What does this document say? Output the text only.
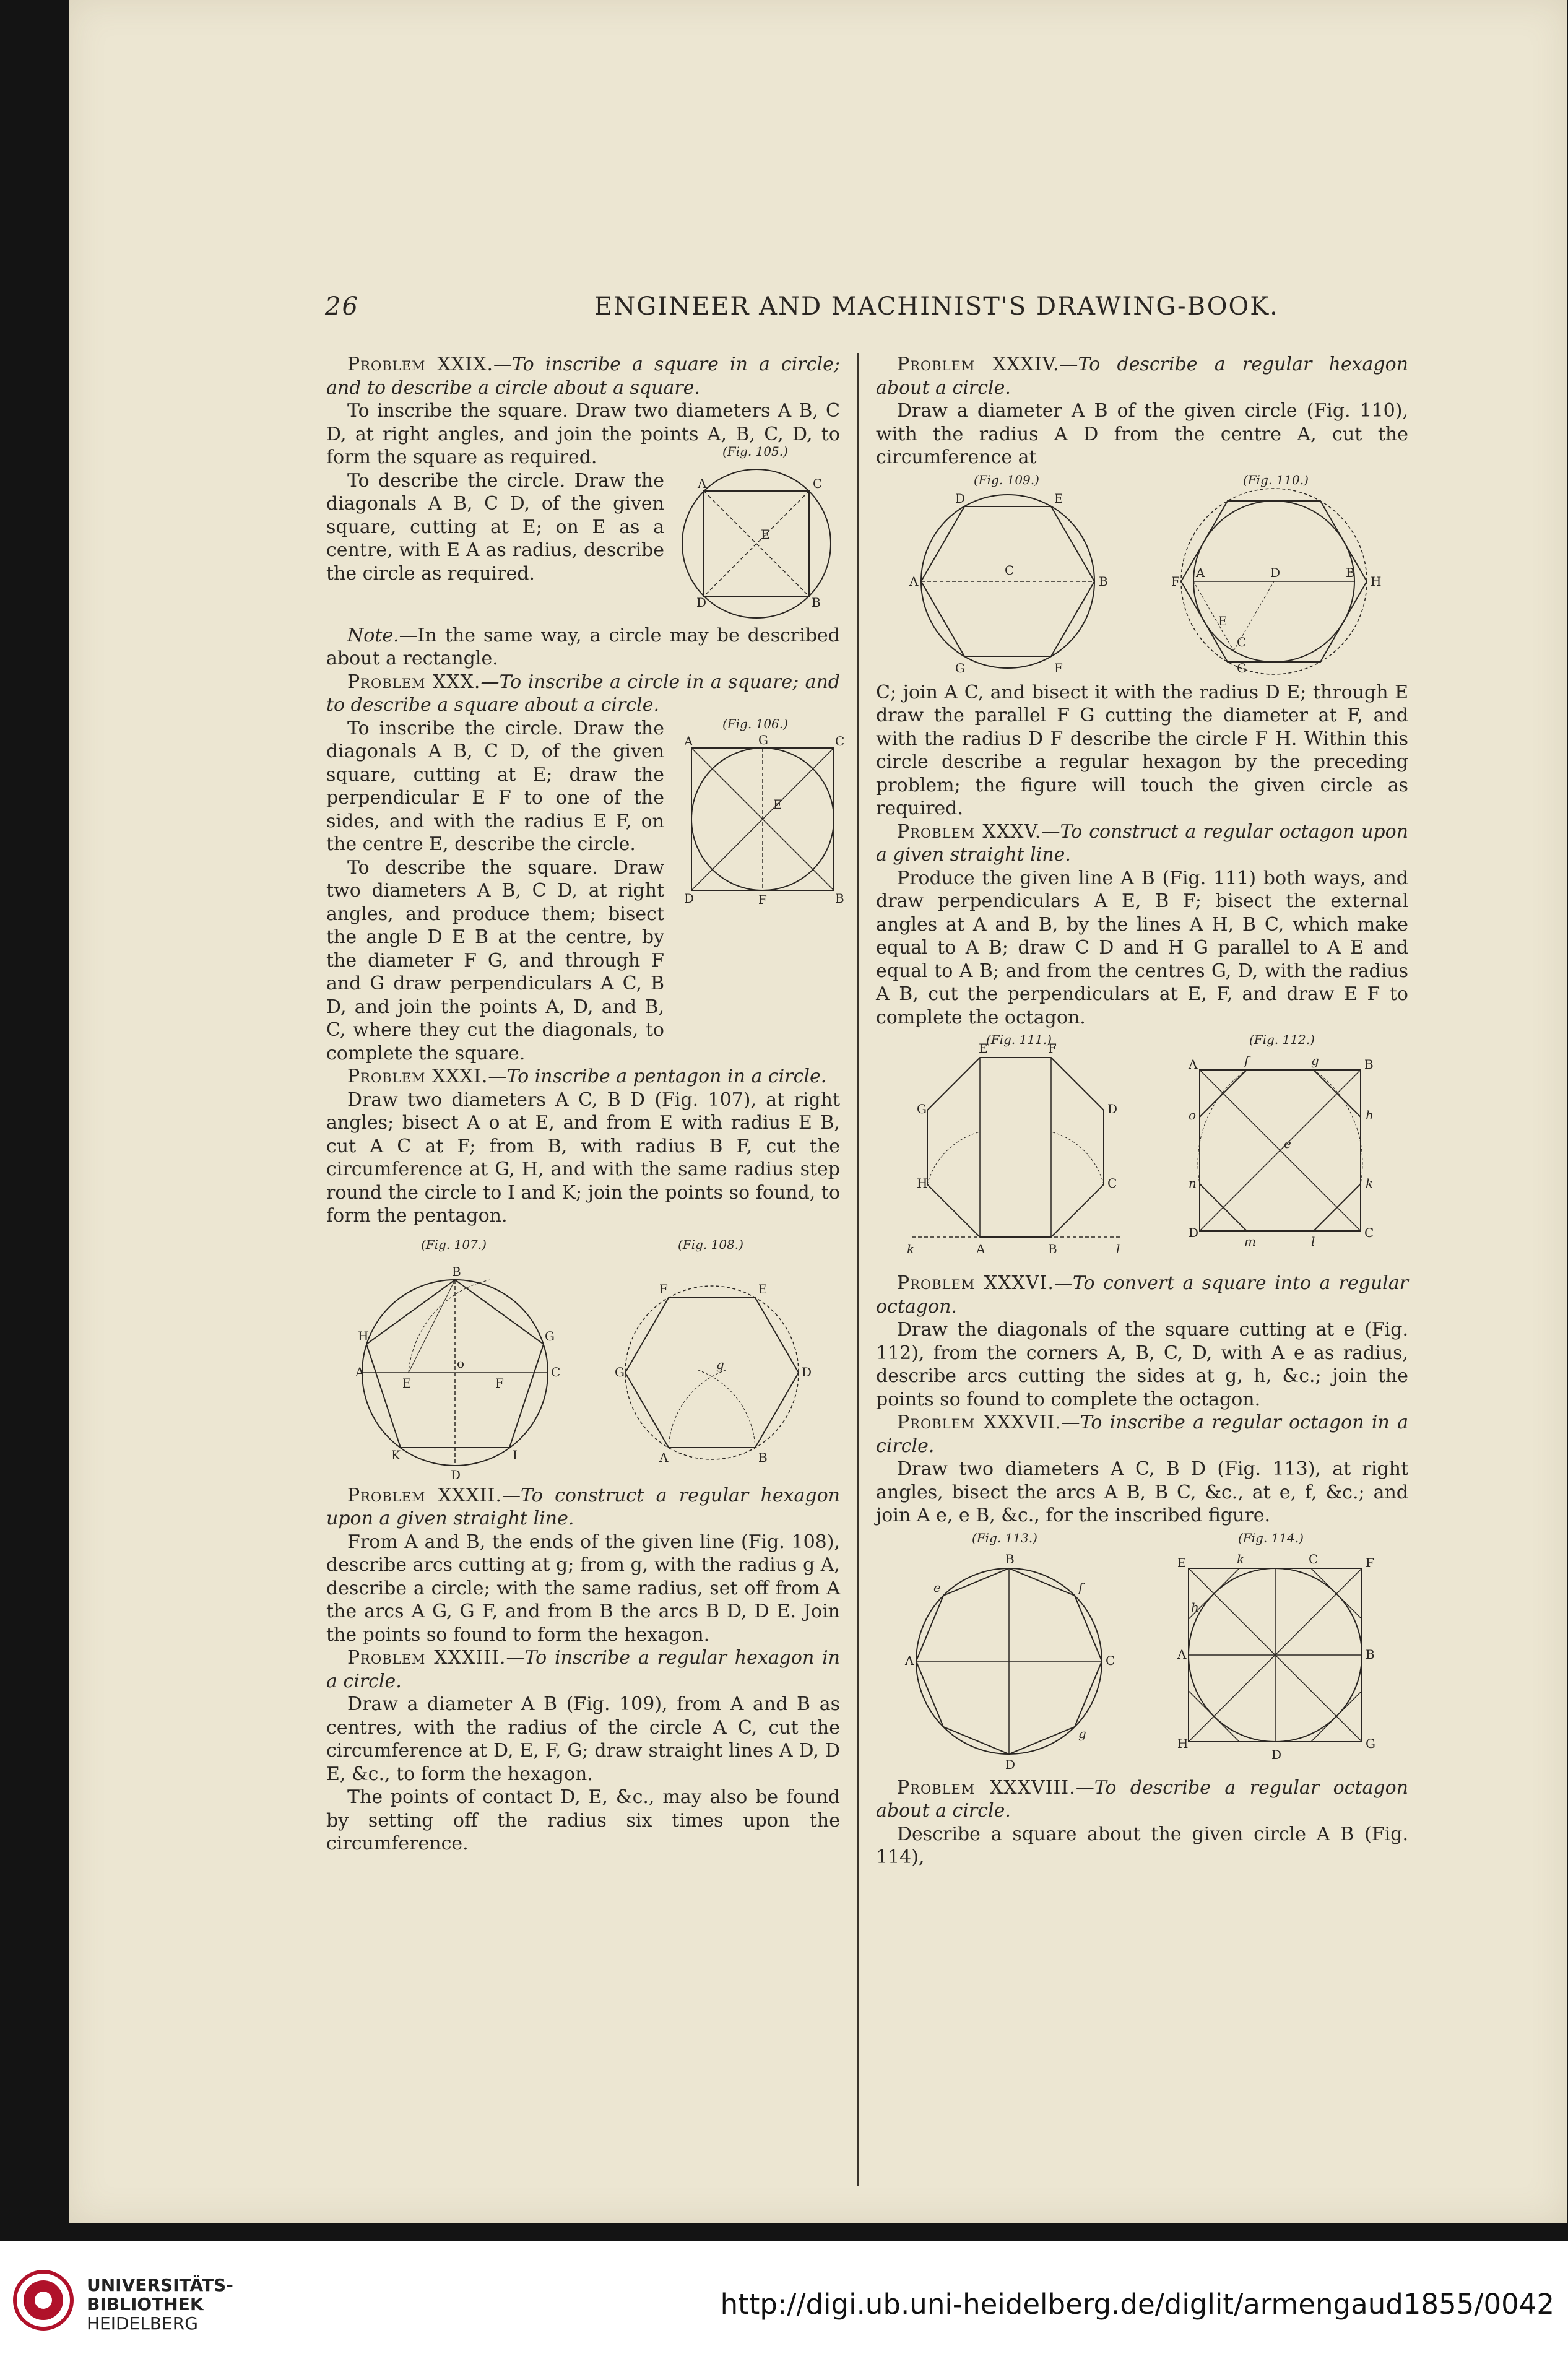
26	ENGINEER AND MACHINIST'S DRAWING-BOOK.

Problem XXIX.—To inscribe a square in a circle; and to describe a circle about a square.

To inscribe the square. Draw two diameters A B, C D, at right angles, and join the points A, B, C, D, to form the square as required.

To describe the circle. Draw the diagonals A B, C D, of the given square, cutting at E; on E as a centre, with E A as radius, describe the circle as required.

(Fig. 105.)
A	C
D	B
E

Note.—In the same way, a circle may be described about a rectangle.

Problem XXX.—To inscribe a circle in a square; and to describe a square about a circle.

To inscribe the circle. Draw the diagonals A B, C D, of the given square, cutting at E; draw the perpendicular E F to one of the sides, and with the radius E F, on the centre E, describe the circle.

To describe the square. Draw two diameters A B, C D, at right angles, and produce them; bisect the angle D E B at the centre, by the diameter F G, and through F and G draw perpendiculars A C, B D, and join the points A, D, and B, C, where they cut the diagonals, to complete the square.

(Fig. 106.)
A	G	C
D	F	B
E

Problem XXXI.—To inscribe a pentagon in a circle.

Draw two diameters A C, B D (Fig. 107), at right angles; bisect A o at E, and from E with radius E B, cut A C at F; from B, with radius B F, cut the circumference at G, H, and with the same radius step round the circle to I and K; join the points so found, to form the pentagon.

(Fig. 107.)
B
A	C
H	G
E	F
o
K	I
D
(Fig. 108.)
F	E
G	D
A	B
g

Problem XXXII.—To construct a regular hexagon upon a given straight line.

From A and B, the ends of the given line (Fig. 108), describe arcs cutting at g; from g, with the radius g A, describe a circle; with the same radius, set off from A the arcs A G, G F, and from B the arcs B D, D E. Join the points so found to form the hexagon.

Problem XXXIII.—To inscribe a regular hexagon in a circle.

Draw a diameter A B (Fig. 109), from A and B as centres, with the radius of the circle A C, cut the circumference at D, E, F, G; draw straight lines A D, D E, &c., to form the hexagon.

The points of contact D, E, &c., may also be found by setting off the radius six times upon the circumference.

Problem XXXIV.—To describe a regular hexagon about a circle.

Draw a diameter A B of the given circle (Fig. 110), with the radius A D from the centre A, cut the circumference at

(Fig. 109.)
D	E
A	B
C
G	F
(Fig. 110.)
F	H
A	D	B
C
E
G

C; join A C, and bisect it with the radius D E; through E draw the parallel F G cutting the diameter at F, and with the radius D F describe the circle F H. Within this circle describe a regular hexagon by the preceding problem; the figure will touch the given circle as required.

Problem XXXV.—To construct a regular octagon upon a given straight line.

Produce the given line A B (Fig. 111) both ways, and draw perpendiculars A E, B F; bisect the external angles at A and B, by the lines A H, B C, which make equal to A B; draw C D and H G parallel to A E and equal to A B; and from the centres G, D, with the radius A B, cut the perpendiculars at E, F, and draw E F to complete the octagon.

(Fig. 111.)
E	F
G	D
H	C
k	A	B	l
(Fig. 112.)
A	B
D	C
f	g
o	h
n	k
e
m	l

Problem XXXVI.—To convert a square into a regular octagon.

Draw the diagonals of the square cutting at e (Fig. 112), from the corners A, B, C, D, with A e as radius, describe arcs cutting the sides at g, h, &c.; join the points so found to complete the octagon.

Problem XXXVII.—To inscribe a regular octagon in a circle.

Draw two diameters A C, B D (Fig. 113), at right angles, bisect the arcs A B, B C, &c., at e, f, &c.; and join A e, e B, &c., for the inscribed figure.

(Fig. 113.)
B
A	C
D
e	f
g
(Fig. 114.)
E	F
k	C
h
A	B
H
D
G

Problem XXXVIII.—To describe a regular octagon about a circle.

Describe a square about the given circle A B (Fig. 114),

UNIVERSITÄTS-
BIBLIOTHEK
HEIDELBERG
http://digi.ub.uni-heidelberg.de/diglit/armengaud1855/0042
